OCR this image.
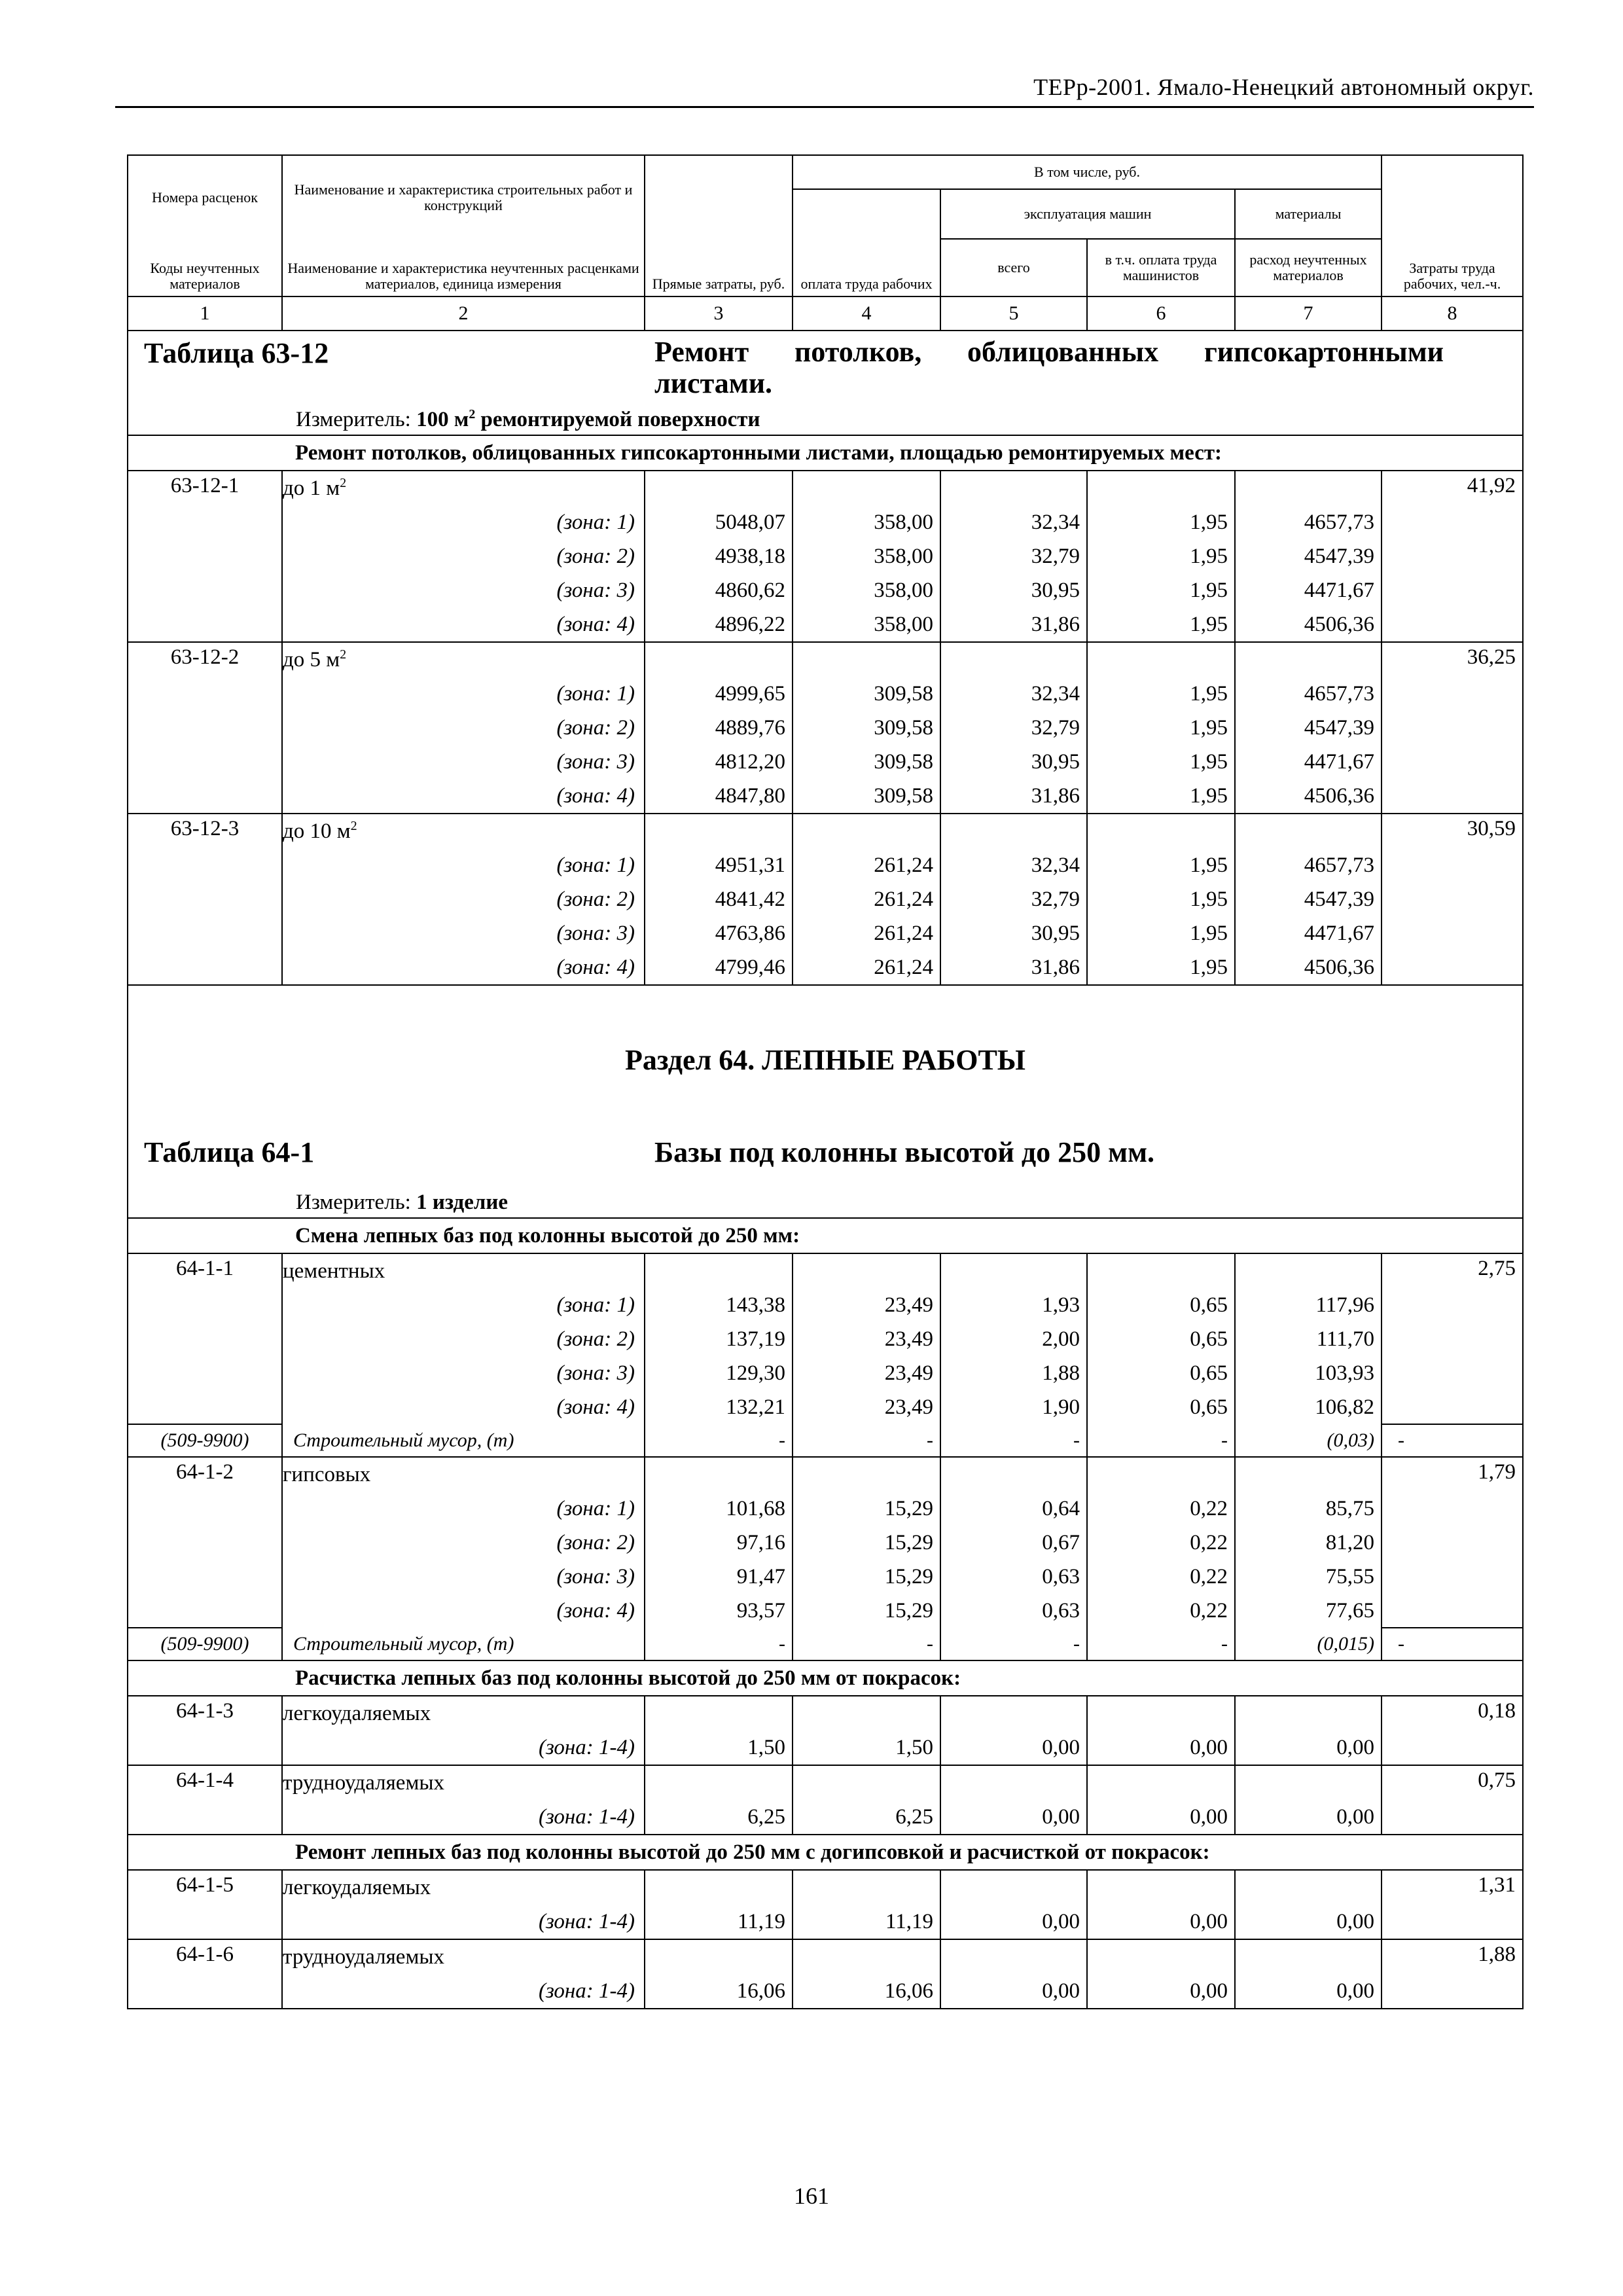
ТЕРр-2001. Ямало-Ненецкий автономный округ.
Номера расценок	Наименование и характеристика строительных работ и конструкций	Прямые затраты, руб.	В том числе, руб.				Затраты труда рабочих, чел.-ч.
			оплата труда рабочих	эксплуатация машин		материалы	
Коды неучтенных материалов	Наименование и характеристика неучтенных расценками материалов, единица измерения			всего	в т.ч. оплата труда машинистов	расход неучтенных материалов	

1	2	3	4	5	6	7	8

Таблица 63-12 Ремонт потолков, облицованных гипсокартонными листами.							

Измеритель: 100 $м^2$ ремонтируемой поверхности							
	Ремонт потолков, облицованных гипсокартонными листами, площадью ремонтируемых мест:						
63-12-1	до 1 $м^2$						41,92
	(зона: 1)	5048,07	358,00	32,34	1,95	4657,73	
	(зона: 2)	4938,18	358,00	32,79	1,95	4547,39	
	(зона: 3)	4860,62	358,00	30,95	1,95	4471,67	
	(зона: 4)	4896,22	358,00	31,86	1,95	4506,36	
63-12-2	до 5 $м^2$						36,25
	(зона: 1)	4999,65	309,58	32,34	1,95	4657,73	
	(зона: 2)	4889,76	309,58	32,79	1,95	4547,39	
	(зона: 3)	4812,20	309,58	30,95	1,95	4471,67	
	(зона: 4)	4847,80	309,58	31,86	1,95	4506,36	
63-12-3	до 10 $м^2$						30,59
	(зона: 1)	4951,31	261,24	32,34	1,95	4657,73	
	(зона: 2)	4841,42	261,24	32,79	1,95	4547,39	
	(зона: 3)	4763,86	261,24	30,95	1,95	4471,67	
	(зона: 4)	4799,46	261,24	31,86	1,95	4506,36	

Раздел 64. ЛЕПНЫЕ РАБОТЫ
Таблица 64-1 Базы под колонны высотой до 250 мм.							

Измеритель: 1 изделие							
	Смена лепных баз под колонны высотой до 250 мм:						
64-1-1	цементных						2,75
	(зона: 1)	143,38	23,49	1,93	0,65	117,96	
	(зона: 2)	137,19	23,49	2,00	0,65	111,70	
	(зона: 3)	129,30	23,49	1,88	0,65	103,93	
	(зона: 4)	132,21	23,49	1,90	0,65	106,82	
(509-9900)	Строительный мусор, (т)	-	-	-	-	(0,03)	-
64-1-2	гипсовых						1,79
	(зона: 1)	101,68	15,29	0,64	0,22	85,75	
	(зона: 2)	97,16	15,29	0,67	0,22	81,20	
	(зона: 3)	91,47	15,29	0,63	0,22	75,55	
	(зона: 4)	93,57	15,29	0,63	0,22	77,65	
(509-9900)	Строительный мусор, (т)	-	-	-	-	(0,015)	-
	Расчистка лепных баз под колонны высотой до 250 мм от покрасок:						
64-1-3	легкоудаляемых						0,18
	(зона: 1-4)	1,50	1,50	0,00	0,00	0,00	
64-1-4	трудноудаляемых						0,75
	(зона: 1-4)	6,25	6,25	0,00	0,00	0,00	
	Ремонт лепных баз под колонны высотой до 250 мм с догипсовкой и расчисткой от покрасок:						
64-1-5	легкоудаляемых						1,31
	(зона: 1-4)	11,19	11,19	0,00	0,00	0,00	
64-1-6	трудноудаляемых						1,88
	(зона: 1-4)	16,06	16,06	0,00	0,00	0,00	
161
